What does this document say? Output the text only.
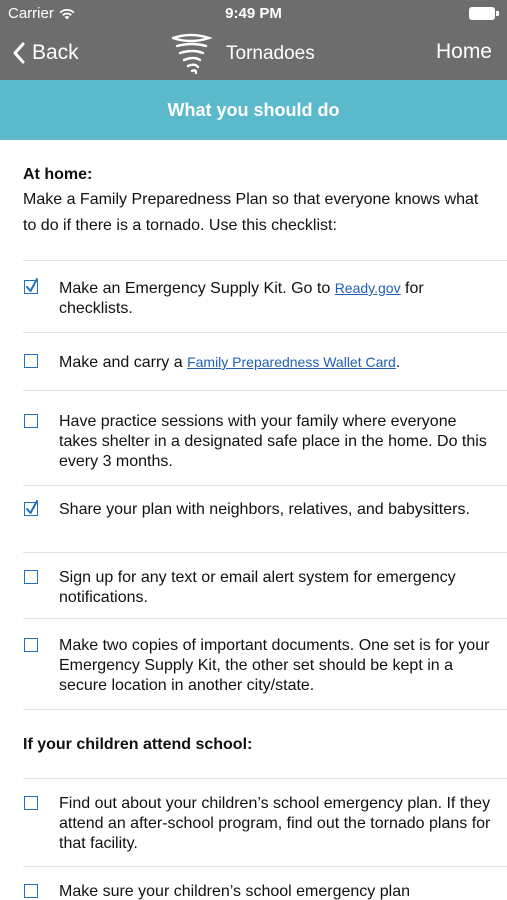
Carrier	9:49 PM
Back	Tornadoes	Home
What you should do
At home:
Make a Family Preparedness Plan so that everyone knows what to do if there is a tornado. Use this checklist:
Make an Emergency Supply Kit. Go to Ready.gov for checklists.
Make and carry a Family Preparedness Wallet Card.
Have practice sessions with your family where everyone takes shelter in a designated safe place in the home. Do this every 3 months.
Share your plan with neighbors, relatives, and babysitters.
Sign up for any text or email alert system for emergency notifications.
Make two copies of important documents. One set is for your Emergency Supply Kit, the other set should be kept in a secure location in another city/state.
If your children attend school:
Find out about your children’s school emergency plan. If they attend an after-school program, find out the tornado plans for that facility.
Make sure your children’s school emergency plan
